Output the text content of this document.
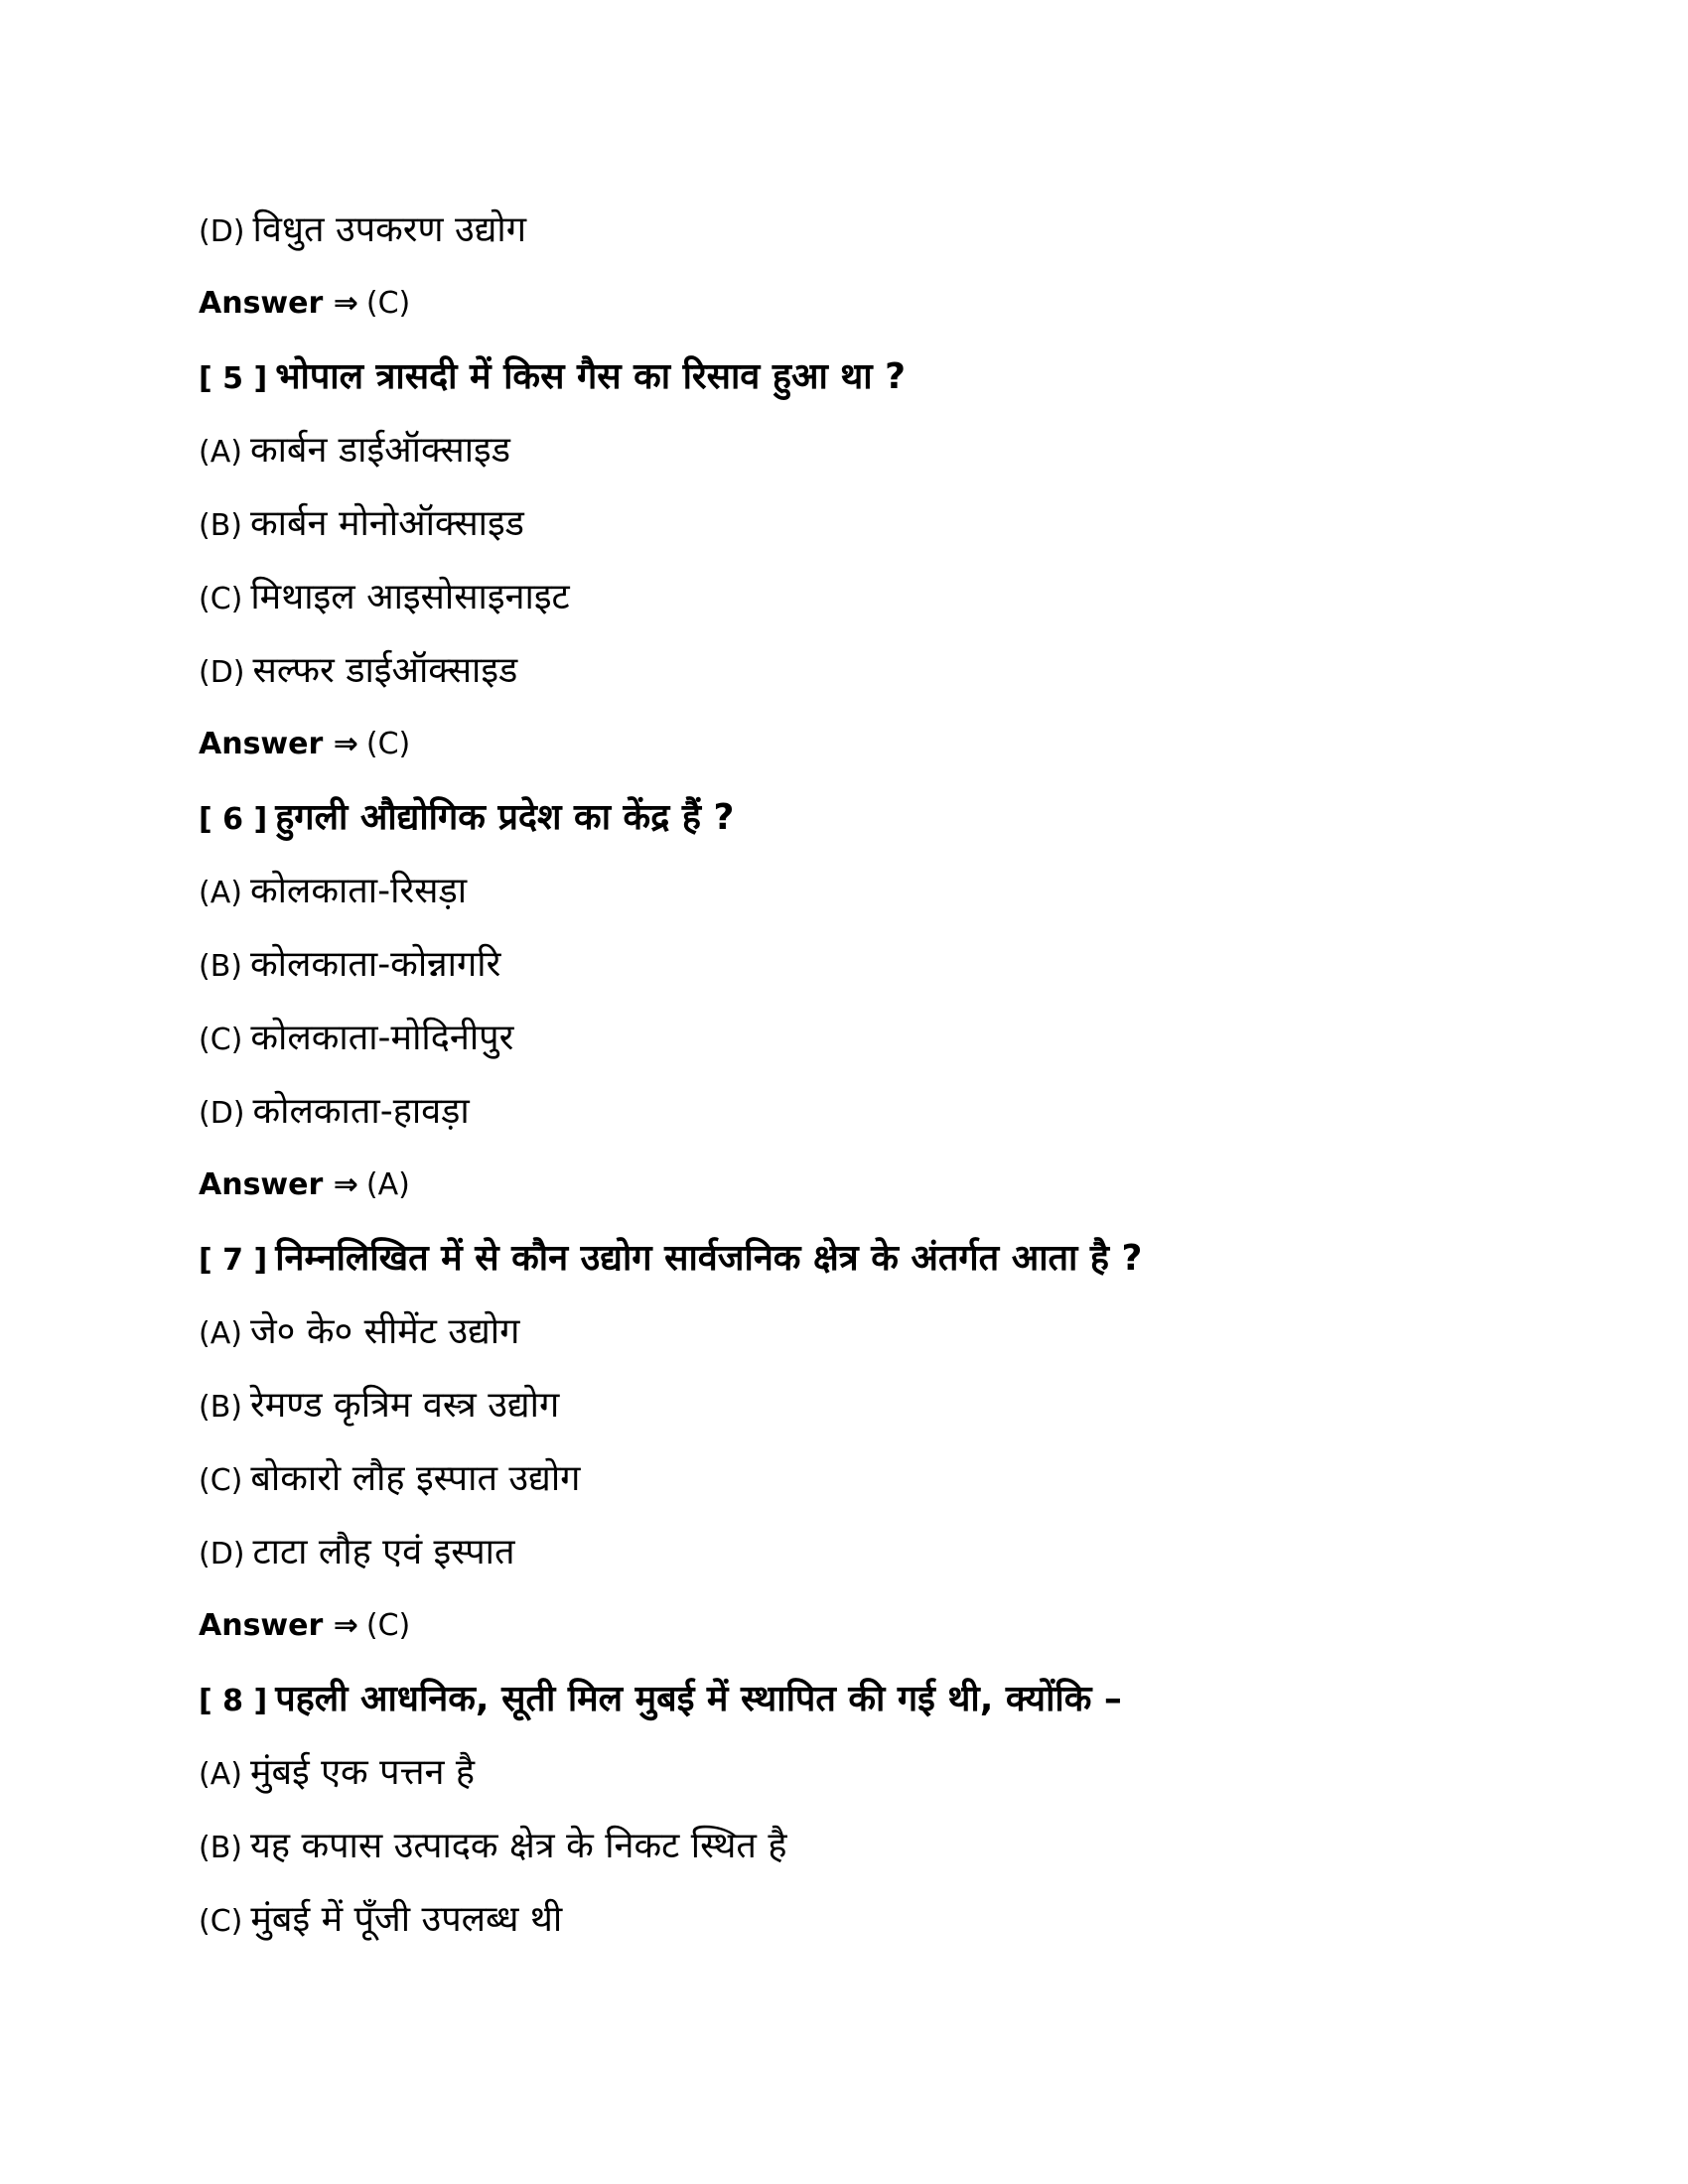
(D) विधुत उपकरण उद्योग
Answer ⇒ (C)
[ 5 ] भोपाल त्रासदी में किस गैस का रिसाव हुआ था ?
(A) कार्बन डाईऑक्साइड
(B) कार्बन मोनोऑक्साइड
(C) मिथाइल आइसोसाइनाइट
(D) सल्फर डाईऑक्साइड
Answer ⇒ (C)
[ 6 ] हुगली औद्योगिक प्रदेश का केंद्र हैं ?
(A) कोलकाता-रिसड़ा
(B) कोलकाता-कोन्नागरि
(C) कोलकाता-मोदिनीपुर
(D) कोलकाता-हावड़ा
Answer ⇒ (A)
[ 7 ] निम्नलिखित में से कौन उद्योग सार्वजनिक क्षेत्र के अंतर्गत आता है ?
(A) जे० के० सीमेंट उद्योग
(B) रेमण्ड कृत्रिम वस्त्र उद्योग
(C) बोकारो लौह इस्पात उद्योग
(D) टाटा लौह एवं इस्पात
Answer ⇒ (C)
[ 8 ] पहली आधनिक, सूती मिल मुबई में स्थापित की गई थी, क्योंकि –
(A) मुंबई एक पत्तन है
(B) यह कपास उत्पादक क्षेत्र के निकट स्थित है
(C) मुंबई में पूँजी उपलब्ध थी
